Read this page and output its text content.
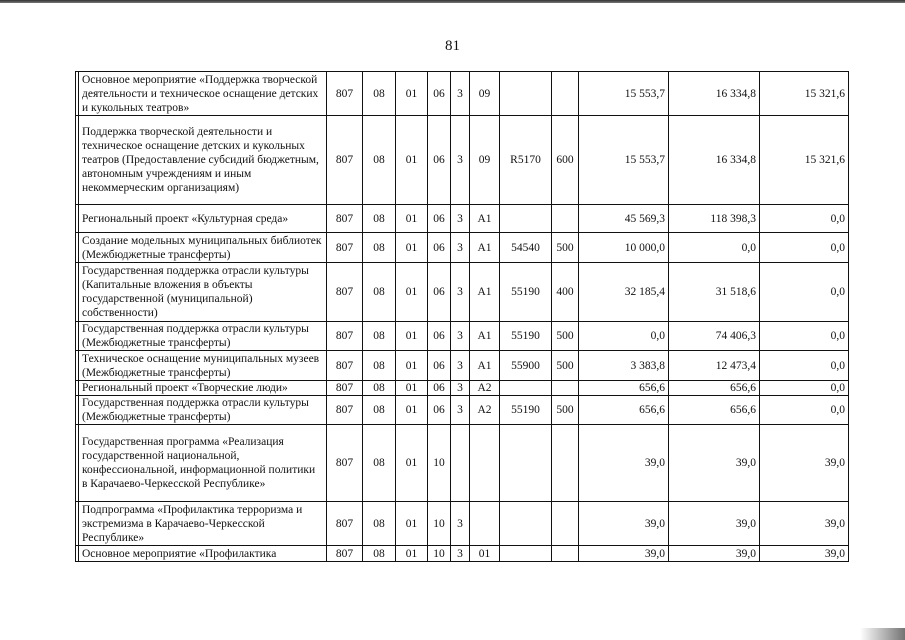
81
	Основное мероприятие «Поддержка творческой деятельности и техническое оснащение детских и кукольных театров»	807	08	01	06	3	09			15 553,7	16 334,8	15 321,6
	Поддержка творческой деятельности и техническое оснащение детских и кукольных театров (Предоставление субсидий бюджетным, автономным учреждениям и иным некоммерческим организациям)	807	08	01	06	3	09	R5170	600	15 553,7	16 334,8	15 321,6
	Региональный проект «Культурная среда»	807	08	01	06	3	A1			45 569,3	118 398,3	0,0
	Создание модельных муниципальных библиотек (Межбюджетные трансферты)	807	08	01	06	3	A1	54540	500	10 000,0	0,0	0,0
	Государственная поддержка отрасли культуры (Капитальные вложения в объекты государственной (муниципальной) собственности)	807	08	01	06	3	A1	55190	400	32 185,4	31 518,6	0,0
	Государственная поддержка отрасли культуры (Межбюджетные трансферты)	807	08	01	06	3	A1	55190	500	0,0	74 406,3	0,0
	Техническое оснащение муниципальных музеев (Межбюджетные трансферты)	807	08	01	06	3	A1	55900	500	3 383,8	12 473,4	0,0
	Региональный проект «Творческие люди»	807	08	01	06	3	A2			656,6	656,6	0,0
	Государственная поддержка отрасли культуры (Межбюджетные трансферты)	807	08	01	06	3	A2	55190	500	656,6	656,6	0,0
	Государственная программа «Реализация государственной национальной, конфессиональной, информационной политики в Карачаево-Черкесской Республике»	807	08	01	10					39,0	39,0	39,0
	Подпрограмма «Профилактика терроризма и экстремизма в Карачаево-Черкесской Республике»	807	08	01	10	3				39,0	39,0	39,0
	Основное мероприятие «Профилактика	807	08	01	10	3	01			39,0	39,0	39,0
